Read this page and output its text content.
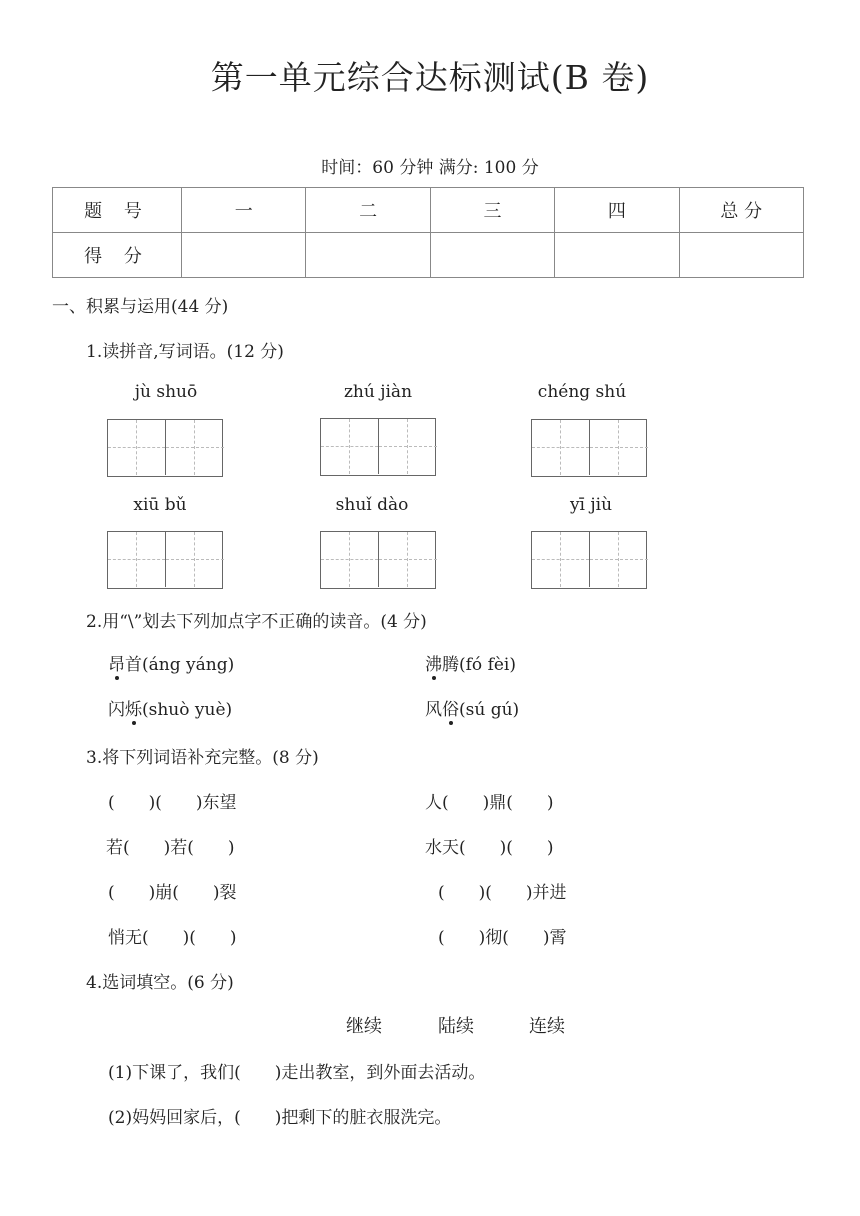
第一单元综合达标测试(B 卷)
时间：60 分钟 满分: 100 分
题 号	一	二	三	四	总 分
得 分					
一、积累与运用(44 分)
1.读拼音,写词语。(12 分)
jù shuō	zhú jiàn	chéng shú
xiū bǔ	shuǐ dào	yī jiù
2.用“\”划去下列加点字不正确的读音。(4 分)
昂首(áng yáng)	沸腾(fó fèi)
闪烁(shuò yuè)	风俗(sú gú)
3.将下列词语补充完整。(8 分)
(　　)(　　)东望	人(　　)鼎(　　)
若(　　)若(　　)	水天(　　)(　　)
(　　)崩(　　)裂	(　　)(　　)并进
悄无(　　)(　　)	(　　)彻(　　)霄
4.选词填空。(6 分)
继续	陆续	连续
(1)下课了，我们(　　)走出教室，到外面去活动。
(2)妈妈回家后，(　　)把剩下的脏衣服洗完。
